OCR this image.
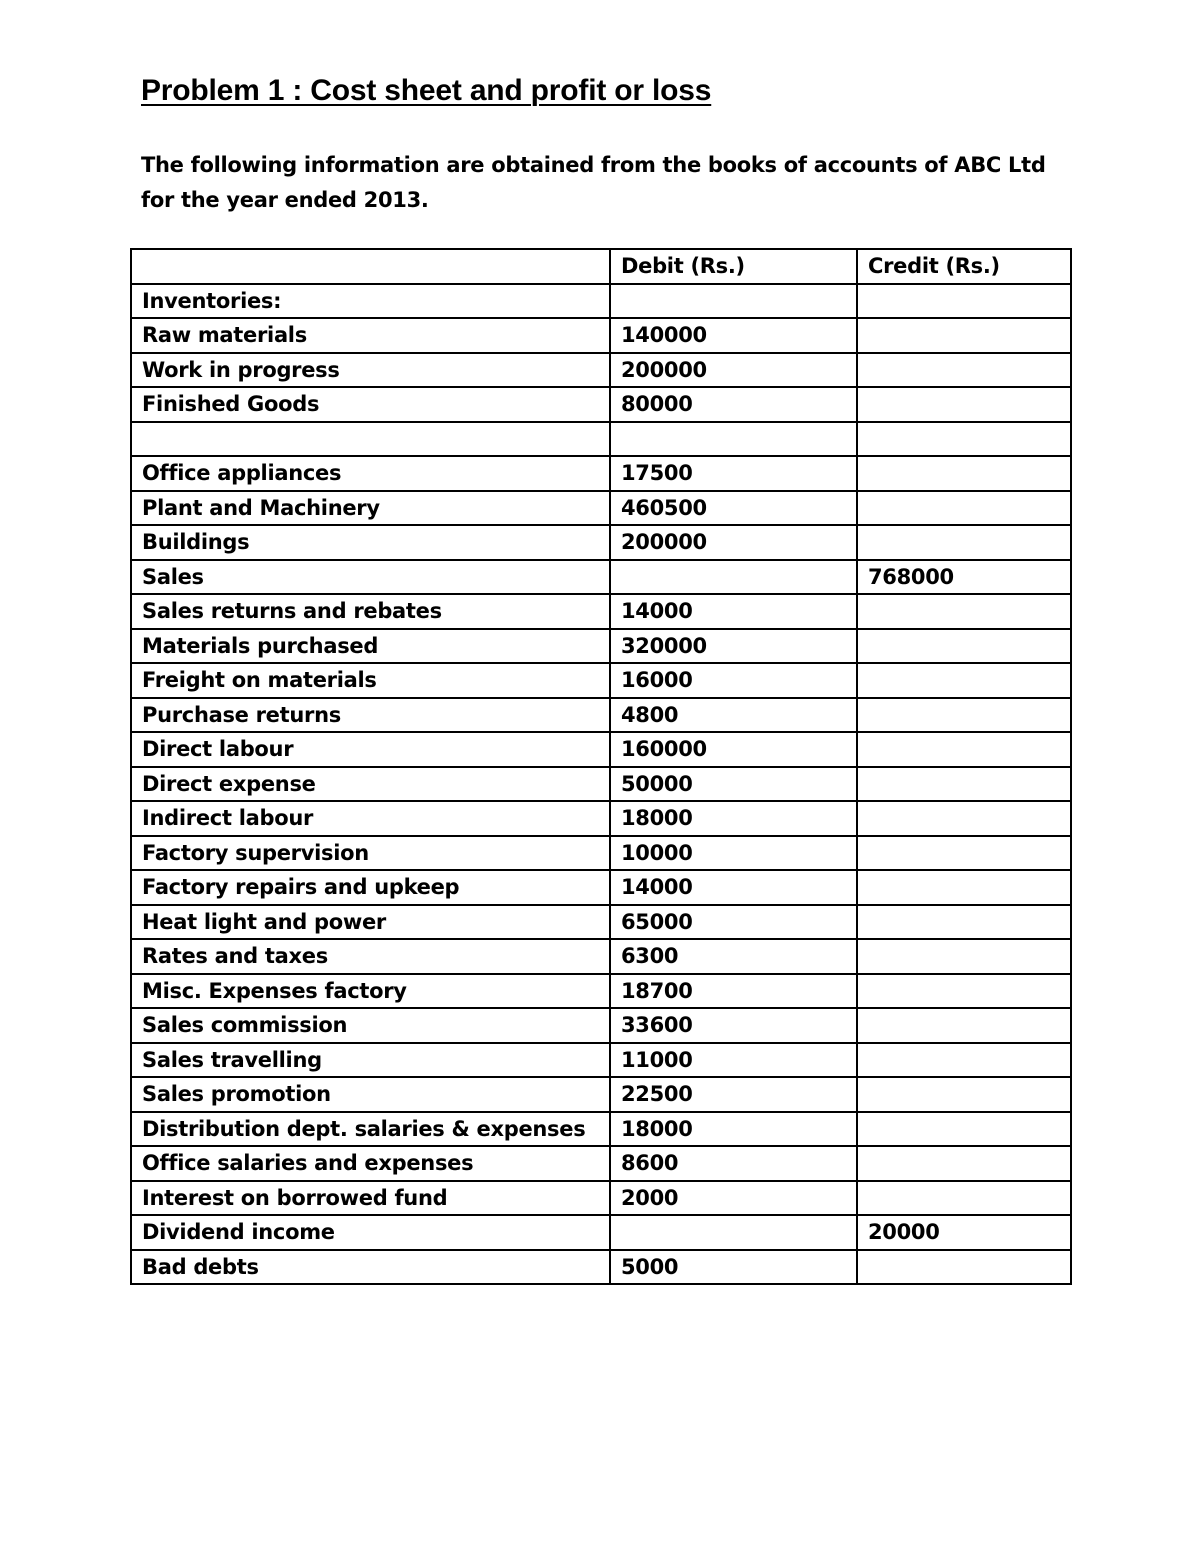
Problem 1 : Cost sheet and profit or loss

The following information are obtained from the books of accounts of ABC Ltd for the year ended 2013.

	Debit (Rs.)	Credit (Rs.)
Inventories:		
Raw materials	140000	
Work in progress	200000	
Finished Goods	80000	

Office appliances	17500	
Plant and Machinery	460500	
Buildings	200000	
Sales		768000
Sales returns and rebates	14000	
Materials purchased	320000	
Freight on materials	16000	
Purchase returns	4800	
Direct labour	160000	
Direct expense	50000	
Indirect labour	18000	
Factory supervision	10000	
Factory repairs and upkeep	14000	
Heat light and power	65000	
Rates and taxes	6300	
Misc. Expenses factory	18700	
Sales commission	33600	
Sales travelling	11000	
Sales promotion	22500	
Distribution dept. salaries & expenses	18000	
Office salaries and expenses	8600	
Interest on borrowed fund	2000	
Dividend income		20000
Bad debts	5000	
